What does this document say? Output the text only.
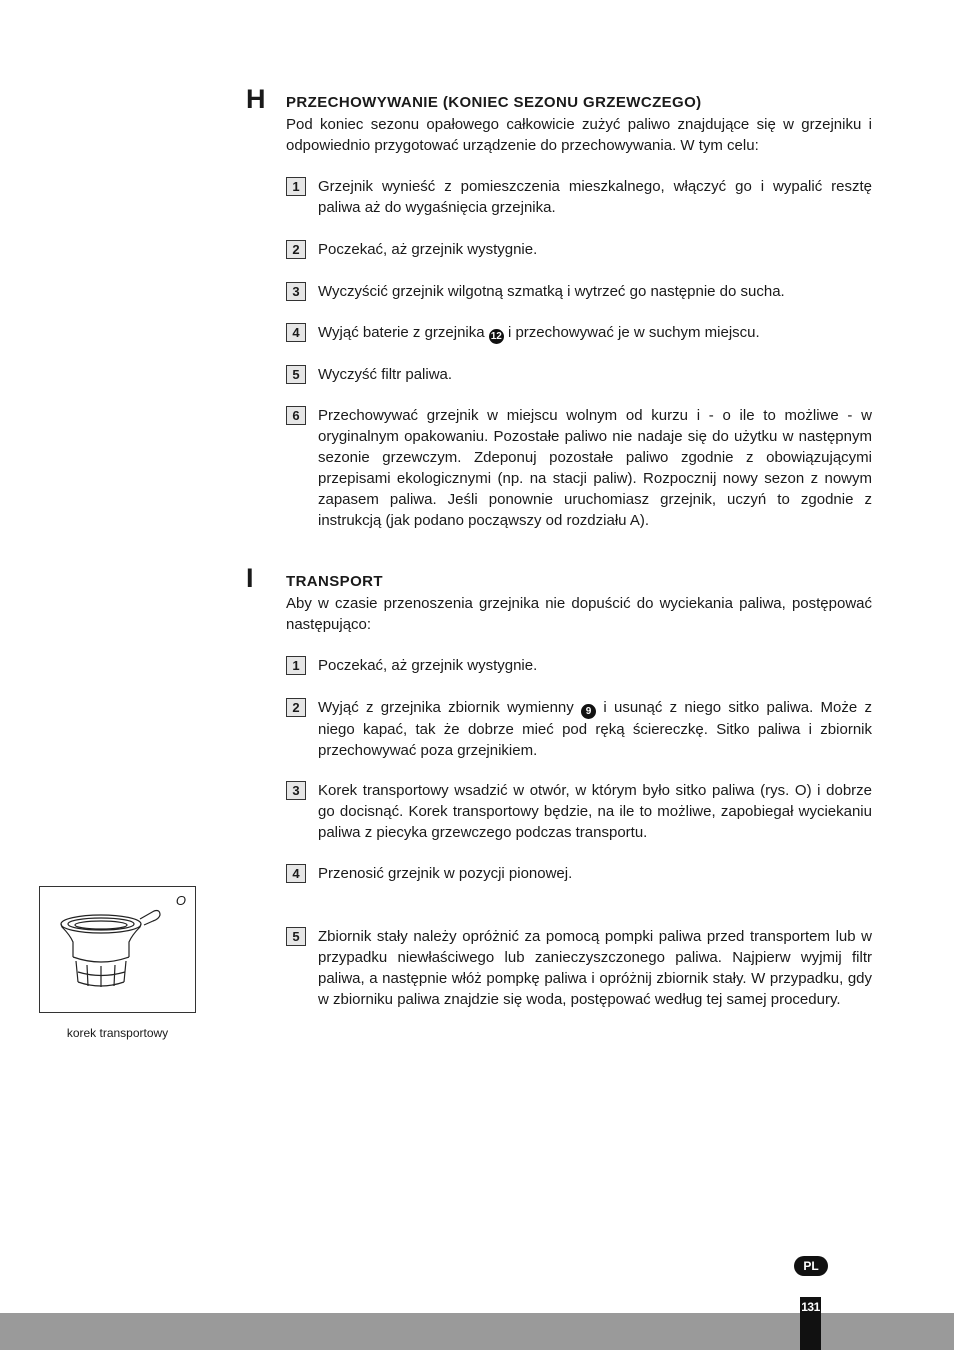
H PRZECHOWYWANIE (KONIEC SEZONU GRZEWCZEGO)
Pod koniec sezonu opałowego całkowicie zużyć paliwo znajdujące się w grzejniku i odpowiednio przygotować urządzenie do przechowywania. W tym celu:
1	Grzejnik wynieść z pomieszczenia mieszkalnego, włączyć go i wypalić resztę paliwa aż do wygaśnięcia grzejnika.
2	Poczekać, aż grzejnik wystygnie.
3	Wyczyścić grzejnik wilgotną szmatką i wytrzeć go następnie do sucha.
4	Wyjąć baterie z grzejnika 12 i przechowywać je w suchym miejscu.
5	Wyczyść filtr paliwa.
6	Przechowywać grzejnik w miejscu wolnym od kurzu i - o ile to możliwe - w oryginalnym opakowaniu. Pozostałe paliwo nie nadaje się do użytku w następnym sezonie grzewczym. Zdeponuj pozostałe paliwo zgodnie z obowiązującymi przepisami ekologicznymi (np. na stacji paliw). Rozpocznij nowy sezon z nowym zapasem paliwa. Jeśli ponownie uruchomiasz grzejnik, uczyń to zgodnie z instrukcją (jak podano począwszy od rozdziału A).
I TRANSPORT
Aby w czasie przenoszenia grzejnika nie dopuścić do wyciekania paliwa, postępować następująco:
1	Poczekać, aż grzejnik wystygnie.
2	Wyjąć z grzejnika zbiornik wymienny 9 i usunąć z niego sitko paliwa. Może z niego kapać, tak że dobrze mieć pod ręką ściereczkę. Sitko paliwa i zbiornik przechowywać poza grzejnikiem.
3	Korek transportowy wsadzić w otwór, w którym było sitko paliwa (rys. O) i dobrze go docisnąć. Korek transportowy będzie, na ile to możliwe, zapobiegał wyciekaniu paliwa z piecyka grzewczego podczas transportu.
4	Przenosić grzejnik w pozycji pionowej.
5	Zbiornik stały należy opróżnić za pomocą pompki paliwa przed transportem lub w przypadku niewłaściwego lub zanieczyszczonego paliwa. Najpierw wyjmij filtr paliwa, a następnie włóż pompkę paliwa i opróżnij zbiornik stały. W przypadku, gdy w zbiorniku paliwa znajdzie się woda, postępować według tej samej procedury.
O
korek transportowy
PL
131
